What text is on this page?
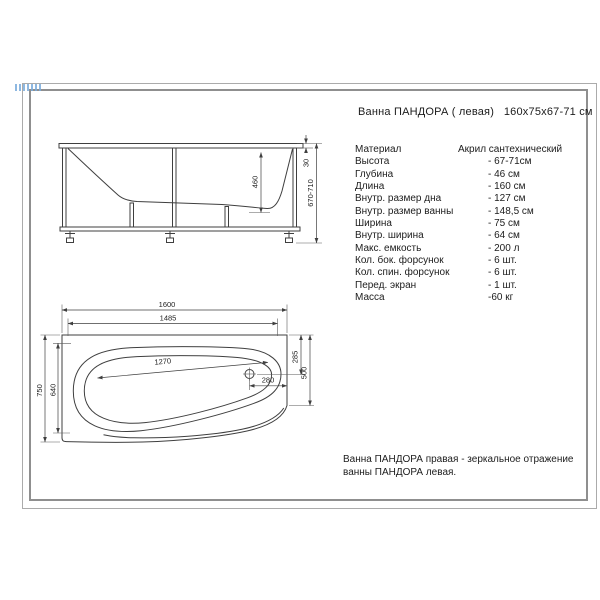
Ванна ПАНДОРА ( левая)   160х75х67-71 см
Материал	Акрил сантехнический
Высота	- 67-71см
Глубина	- 46 см
Длина	- 160 см
Внутр. размер дна	- 127 см
Внутр. размер ванны	- 148,5 см
Ширина	- 75 см
Внутр. ширина	- 64 см
Макс. емкость	- 200 л
Кол. бок. форсунок	- 6 шт.
Кол. спин. форсунок	- 6 шт.
Перед. экран	- 1 шт.
Масса	-60 кг
Ванна ПАНДОРА правая - зеркальное отражение
ванны ПАНДОРА левая.
30
460	670-710
1270
280
1600
1485
750 640
285
500
